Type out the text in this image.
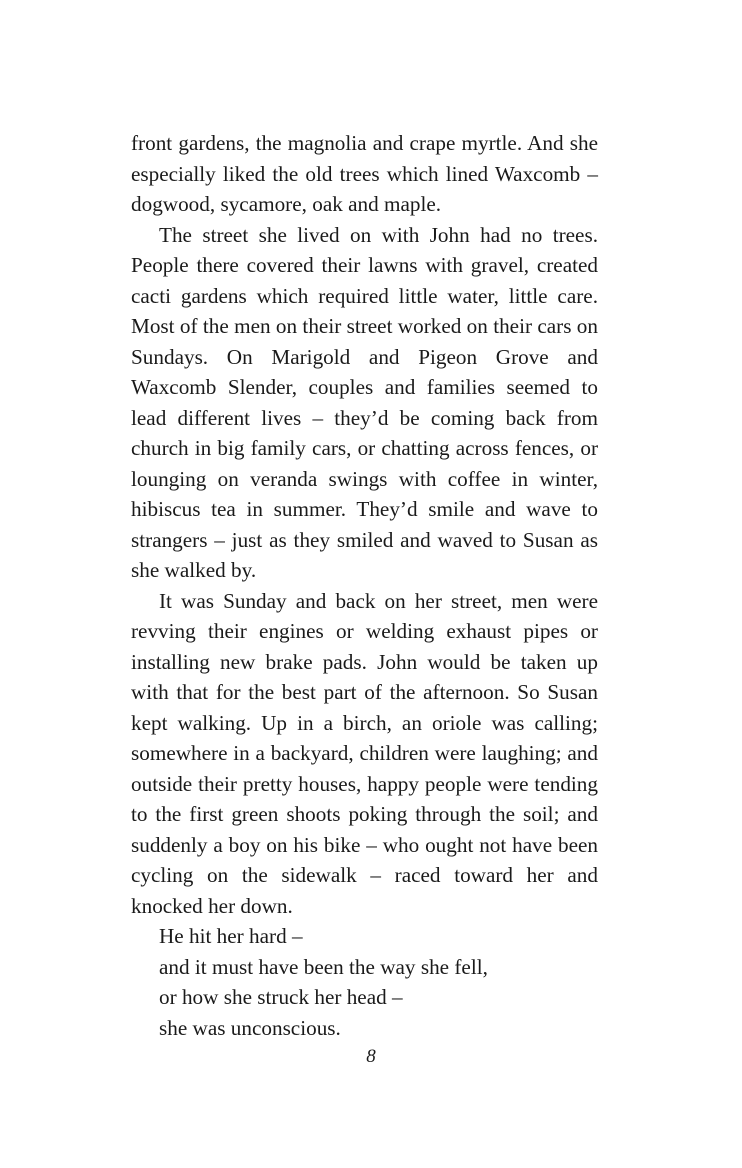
front gardens, the magnolia and crape myrtle. And she especially liked the old trees which lined Waxcomb – dogwood, sycamore, oak and maple.

The street she lived on with John had no trees. People there covered their lawns with gravel, created cacti gardens which required little water, little care. Most of the men on their street worked on their cars on Sundays. On Marigold and Pigeon Grove and Waxcomb Slender, couples and families seemed to lead different lives – they’d be coming back from church in big family cars, or chatting across fences, or lounging on veranda swings with coffee in winter, hibiscus tea in summer. They’d smile and wave to strangers – just as they smiled and waved to Susan as she walked by.

It was Sunday and back on her street, men were revving their engines or welding exhaust pipes or installing new brake pads. John would be taken up with that for the best part of the afternoon. So Susan kept walking. Up in a birch, an oriole was calling; somewhere in a backyard, children were laughing; and outside their pretty houses, happy people were tending to the first green shoots poking through the soil; and suddenly a boy on his bike – who ought not have been cycling on the sidewalk – raced toward her and knocked her down.

He hit her hard –

and it must have been the way she fell,

or how she struck her head –

she was unconscious.

8
